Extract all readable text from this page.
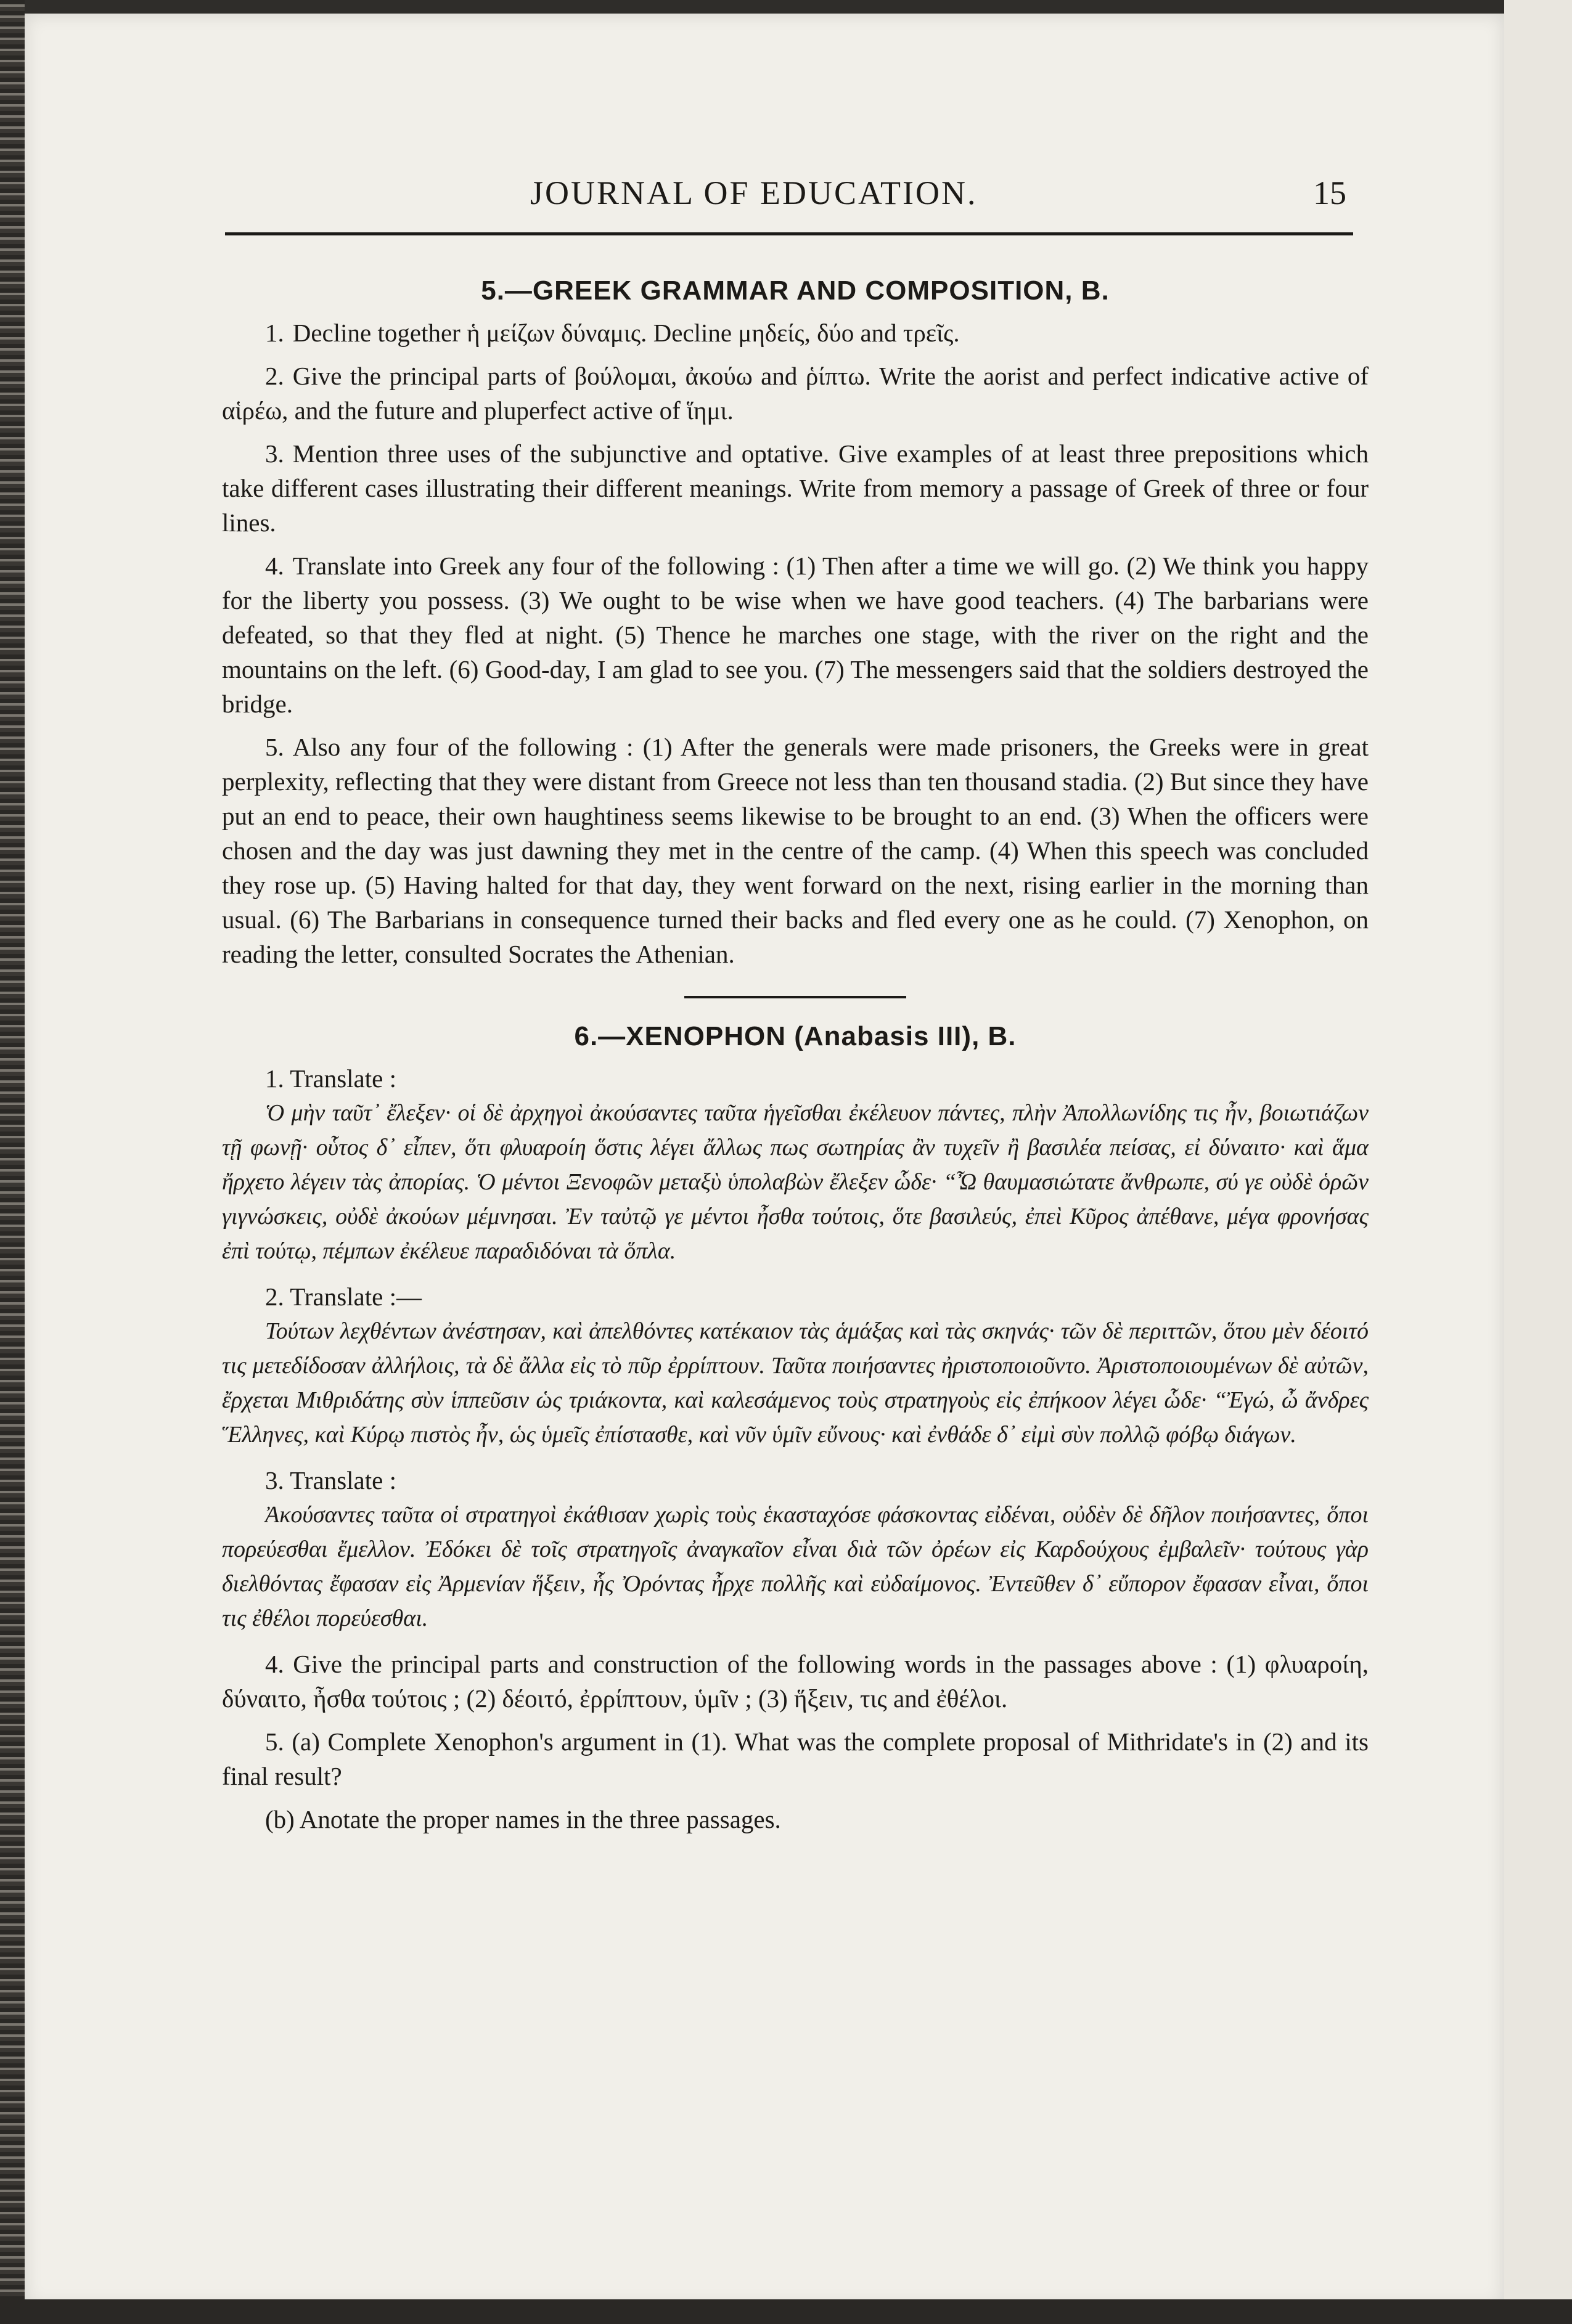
JOURNAL OF EDUCATION.	15
5.—GREEK GRAMMAR AND COMPOSITION, B.

1. Decline together ἡ μείζων δύναμις. Decline μηδείς, δύο and τρεῖς.

2. Give the principal parts of βούλομαι, ἀκούω and ῥίπτω. Write the aorist and perfect indicative active of αἱρέω, and the future and pluperfect active of ἵημι.

3. Mention three uses of the subjunctive and optative. Give examples of at least three prepositions which take different cases illustrating their different meanings. Write from memory a passage of Greek of three or four lines.

4. Translate into Greek any four of the following : (1) Then after a time we will go. (2) We think you happy for the liberty you possess. (3) We ought to be wise when we have good teachers. (4) The barbarians were defeated, so that they fled at night. (5) Thence he marches one stage, with the river on the right and the mountains on the left. (6) Good-day, I am glad to see you. (7) The messengers said that the soldiers destroyed the bridge.

5. Also any four of the following : (1) After the generals were made prisoners, the Greeks were in great perplexity, reflecting that they were distant from Greece not less than ten thousand stadia. (2) But since they have put an end to peace, their own haughtiness seems likewise to be brought to an end. (3) When the officers were chosen and the day was just dawning they met in the centre of the camp. (4) When this speech was concluded they rose up. (5) Having halted for that day, they went forward on the next, rising earlier in the morning than usual. (6) The Barbarians in consequence turned their backs and fled every one as he could. (7) Xenophon, on reading the letter, consulted Socrates the Athenian.

6.—XENOPHON (Anabasis III), B.

1. Translate :

Ὁ μὴν ταῦτ᾽ ἔλεξεν· οἱ δὲ ἀρχηγοὶ ἀκούσαντες ταῦτα ἡγεῖσθαι ἐκέλευον πάντες, πλὴν Ἀπολλωνίδης τις ἦν, βοιωτιάζων τῇ φωνῇ· οὗτος δ᾽ εἶπεν, ὅτι φλυαροίη ὅστις λέγει ἄλλως πως σωτηρίας ἂν τυχεῖν ἢ βασιλέα πείσας, εἰ δύναιτο· καὶ ἅμα ἤρχετο λέγειν τὰς ἀπορίας. Ὁ μέντοι Ξενοφῶν μεταξὺ ὑπολαβὼν ἔλεξεν ὧδε· “Ὦ θαυμασιώτατε ἄνθρωπε, σύ γε οὐδὲ ὁρῶν γιγνώσκεις, οὐδὲ ἀκούων μέμνησαι. Ἐν ταὐτῷ γε μέντοι ἦσθα τούτοις, ὅτε βασιλεύς, ἐπεὶ Κῦρος ἀπέθανε, μέγα φρονήσας ἐπὶ τούτῳ, πέμπων ἐκέλευε παραδιδόναι τὰ ὅπλα.

2. Translate :—

Τούτων λεχθέντων ἀνέστησαν, καὶ ἀπελθόντες κατέκαιον τὰς ἁμάξας καὶ τὰς σκηνάς· τῶν δὲ περιττῶν, ὅτου μὲν δέοιτό τις μετεδίδοσαν ἀλλήλοις, τὰ δὲ ἄλλα εἰς τὸ πῦρ ἐρρίπτουν. Ταῦτα ποιήσαντες ἠριστοποιοῦντο. Ἀριστοποιουμένων δὲ αὐτῶν, ἔρχεται Μιθριδάτης σὺν ἱππεῦσιν ὡς τριάκοντα, καὶ καλεσάμενος τοὺς στρατηγοὺς εἰς ἐπήκοον λέγει ὧδε· “Ἐγώ, ὦ ἄνδρες Ἕλληνες, καὶ Κύρῳ πιστὸς ἦν, ὡς ὑμεῖς ἐπίστασθε, καὶ νῦν ὑμῖν εὔνους· καὶ ἐνθάδε δ᾽ εἰμὶ σὺν πολλῷ φόβῳ διάγων.

3. Translate :

Ἀκούσαντες ταῦτα οἱ στρατηγοὶ ἐκάθισαν χωρὶς τοὺς ἑκασταχόσε φάσκοντας εἰδέναι, οὐδὲν δὲ δῆλον ποιήσαντες, ὅποι πορεύεσθαι ἔμελλον. Ἐδόκει δὲ τοῖς στρατηγοῖς ἀναγκαῖον εἶναι διὰ τῶν ὀρέων εἰς Καρδούχους ἐμβαλεῖν· τούτους γὰρ διελθόντας ἔφασαν εἰς Ἀρμενίαν ἥξειν, ἧς Ὀρόντας ἦρχε πολλῆς καὶ εὐδαίμονος. Ἐντεῦθεν δ᾽ εὔπορον ἔφασαν εἶναι, ὅποι τις ἐθέλοι πορεύεσθαι.

4. Give the principal parts and construction of the following words in the passages above : (1) φλυαροίη, δύναιτο, ἦσθα τούτοις ; (2) δέοιτό, ἐρρίπτουν, ὑμῖν ; (3) ἥξειν, τις and ἐθέλοι.

5. (a) Complete Xenophon's argument in (1). What was the complete proposal of Mithridate's in (2) and its final result?

(b) Anotate the proper names in the three passages.
